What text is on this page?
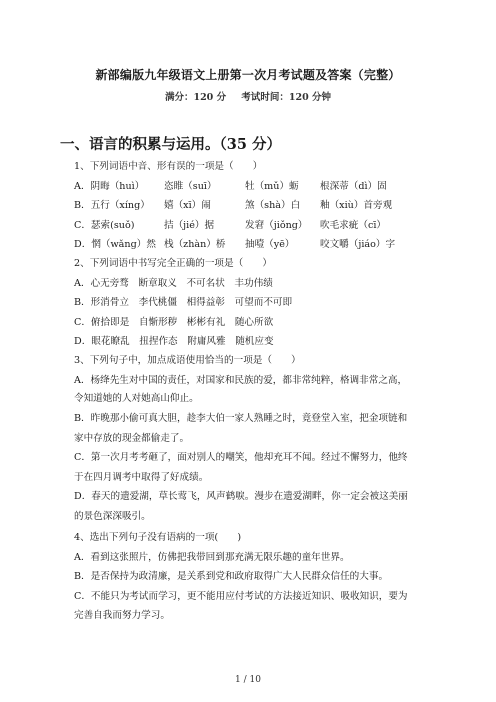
新部编版九年级语文上册第一次月考试题及答案（完整）
满分：120 分 考试时间：120 分钟
一、语言的积累与运用。（35 分）
1、下列词语中音、形有误的一项是（　　）
A．阴晦（huì） 恣睢（suī）	牡（mǔ）蛎 根深蒂（dì）固
B．五行（xíng） 嬉（xī）闹	煞（shà）白 釉（xiù）首旁观
C．瑟索(suǒ)	拮（jié）据	发窘（jiǒng） 吹毛求疵（cī）
D．惘（wǎng）然 栈（zhàn）桥 抽噎（yē）	咬文嚼（jiáo）字
2、下列词语中书写完全正确的一项是（　　）
A．心无旁骛　断章取义　不可名状　丰功伟绩
B．形消骨立　李代桃僵　相得益彰　可望而不可即
C．俯拾即是　自惭形秽　彬彬有礼　随心所欲
D．眼花瞭乱　扭捏作态　附庸风雅　随机应变
3、下列句子中，加点成语使用恰当的一项是（　　）
A．杨绛先生对中国的责任，对国家和民族的爱，都非常纯粹，格调非常之高，
令知道她的人对她高山仰止。
B．昨晚那小偷可真大胆，趁李大伯一家人熟睡之时，竟登堂入室，把金项链和
家中存放的现金都偷走了。
C．第一次月考考砸了，面对别人的嘲笑，他却充耳不闻。经过不懈努力，他终
于在四月调考中取得了好成绩。
D．春天的遗爱湖，草长莺飞，风声鹤唳。漫步在遗爱湖畔，你一定会被这美丽
的景色深深吸引。
4、选出下列句子没有语病的一项(　　)
A．看到这张照片，仿佛把我带回到那充满无限乐趣的童年世界。
B．是否保持为政清廉，是关系到党和政府取得广大人民群众信任的大事。
C．不能只为考试而学习，更不能用应付考试的方法接近知识、吸收知识，要为
完善自我而努力学习。
1 / 10
